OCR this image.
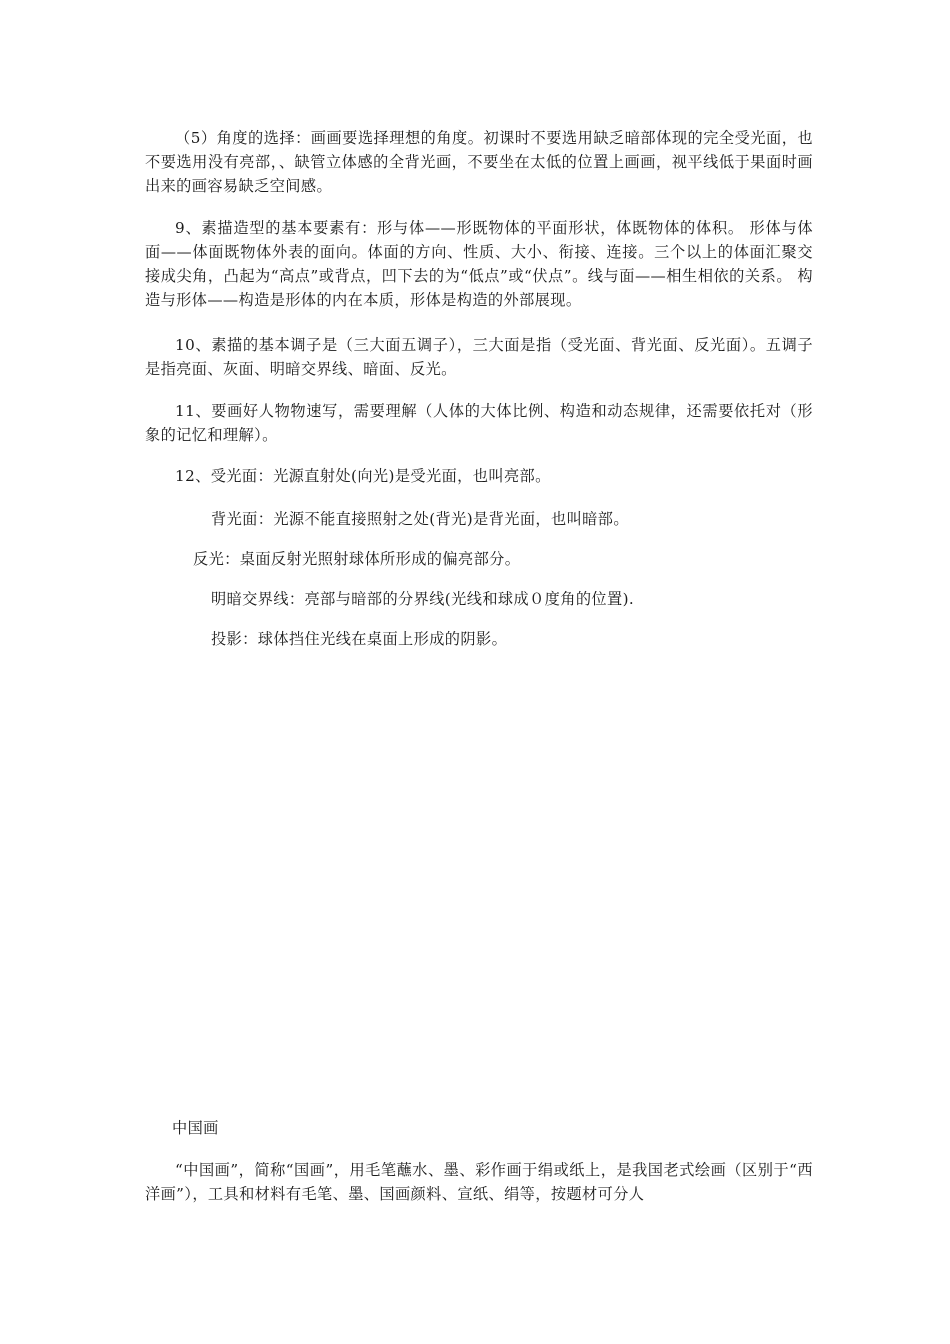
（5）角度的选择：画画要选择理想的角度。初课时不要选用缺乏暗部体现的完全受光面，也不要选用没有亮部，、缺管立体感的全背光画，不要坐在太低的位置上画画，视平线低于果面时画出来的画容易缺乏空间感。

9、素描造型的基本要素有：形与体——形既物体的平面形状，体既物体的体积。 形体与体面——体面既物体外表的面向。体面的方向、性质、大小、衔接、连接。三个以上的体面汇聚交接成尖角，凸起为“高点”或背点，凹下去的为“低点”或“伏点”。线与面——相生相依的关系。 构造与形体——构造是形体的内在本质，形体是构造的外部展现。

10、素描的基本调子是（三大面五调子），三大面是指（受光面、背光面、反光面）。五调子是指亮面、灰面、明暗交界线、暗面、反光。

11、要画好人物物速写，需要理解（人体的大体比例、构造和动态规律，还需要依托对（形象的记忆和理解）。

12、受光面：光源直射处(向光)是受光面，也叫亮部。

背光面：光源不能直接照射之处(背光)是背光面，也叫暗部。

反光：桌面反射光照射球体所形成的偏亮部分。

明暗交界线：亮部与暗部的分界线(光线和球成０度角的位置).

投影：球体挡住光线在桌面上形成的阴影。

中国画

“中国画”，简称“国画”，用毛笔蘸水、墨、彩作画于绢或纸上，是我国老式绘画（区别于“西洋画”），工具和材料有毛笔、墨、国画颜料、宣纸、绢等，按题材可分人
